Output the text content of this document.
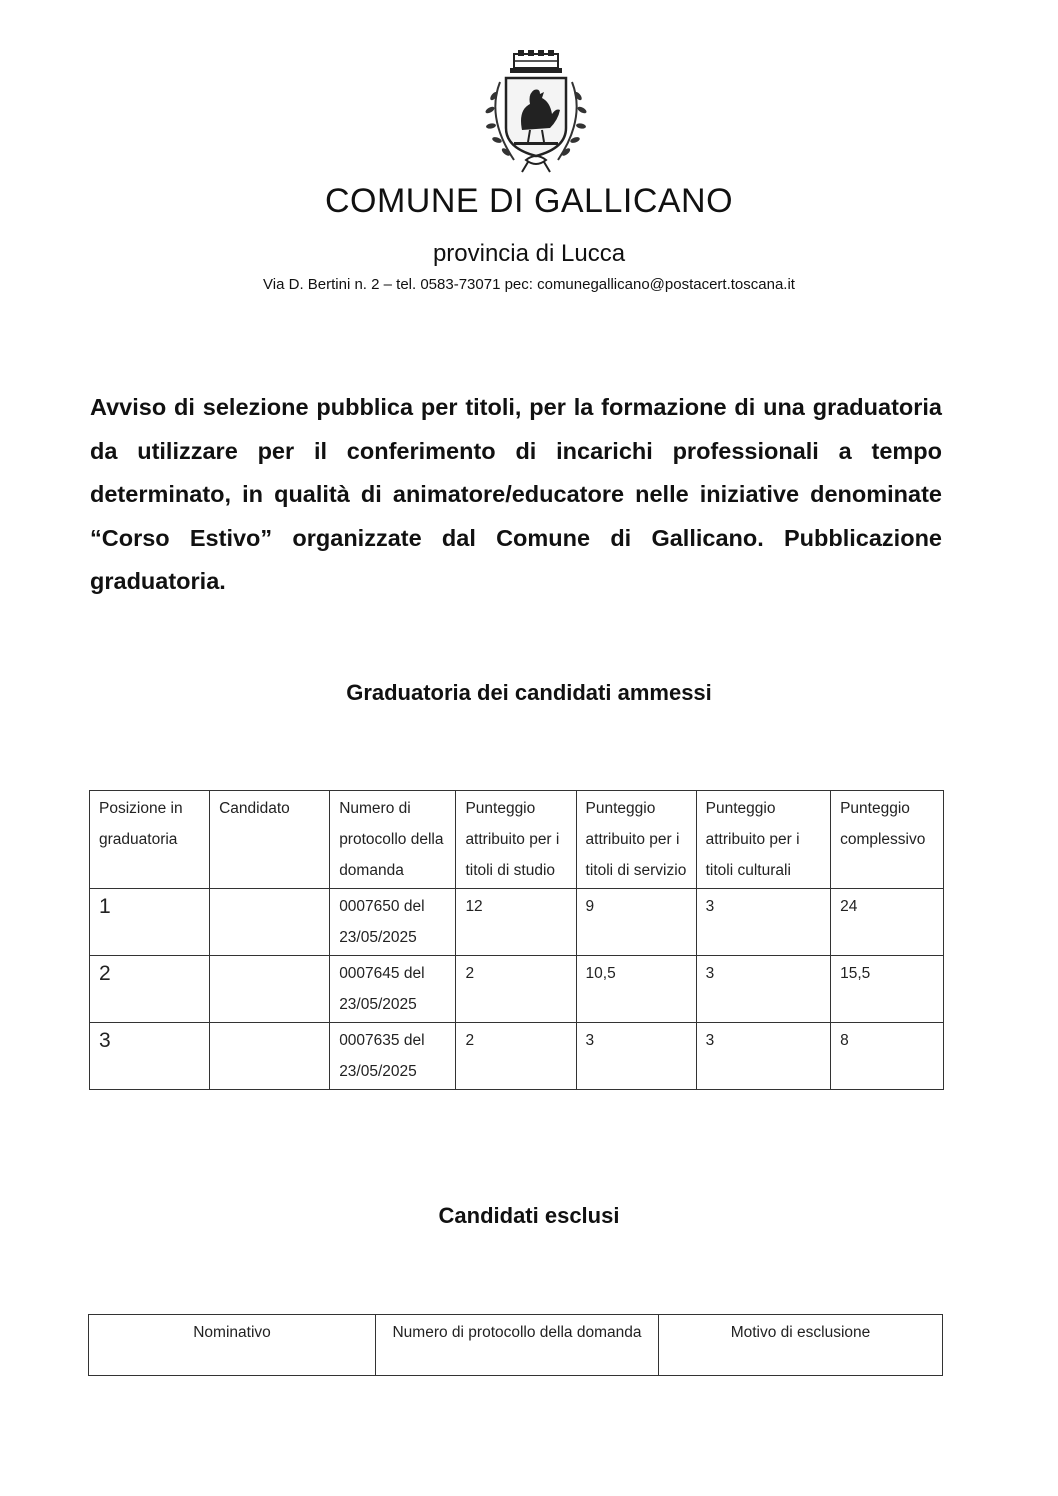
COMUNE DI GALLICANO
provincia di Lucca
Via D. Bertini n. 2 – tel. 0583-73071 pec: comunegallicano@postacert.toscana.it
Avviso di selezione pubblica per titoli, per la formazione di una graduatoria da utilizzare per il conferimento di incarichi professionali a tempo determinato, in qualità di animatore/educatore nelle iniziative denominate “Corso Estivo” organizzate dal Comune di Gallicano. Pubblicazione graduatoria.
Graduatoria dei candidati ammessi
Posizione in graduatoria	Candidato	Numero di protocollo della domanda	Punteggio attribuito per i titoli di studio	Punteggio attribuito per i titoli di servizio	Punteggio attribuito per i titoli culturali	Punteggio complessivo
1		0007650 del 23/05/2025	12	9	3	24
2		0007645 del 23/05/2025	2	10,5	3	15,5
3		0007635 del 23/05/2025	2	3	3	8
Candidati esclusi
Nominativo	Numero di protocollo della domanda	Motivo di esclusione
